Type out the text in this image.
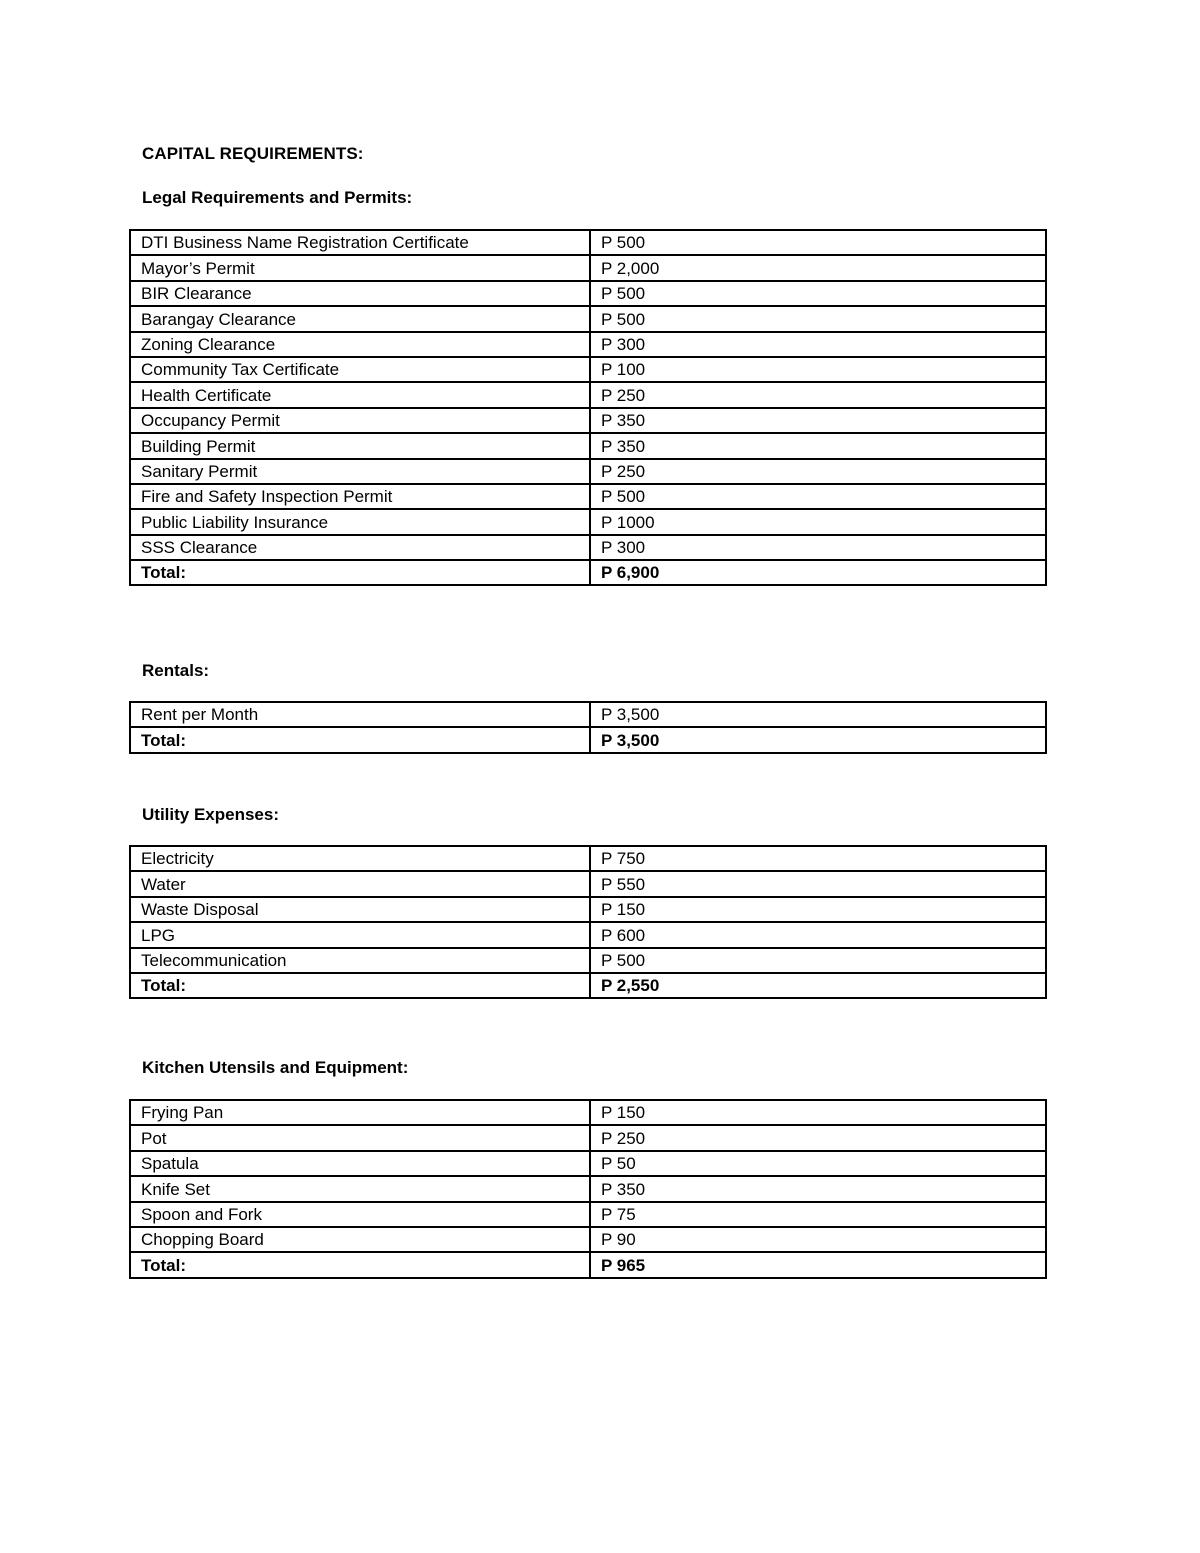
CAPITAL REQUIREMENTS:
Legal Requirements and Permits:
DTI Business Name Registration Certificate	P 500
Mayor’s Permit	P 2,000
BIR Clearance	P 500
Barangay Clearance	P 500
Zoning Clearance	P 300
Community Tax Certificate	P 100
Health Certificate	P 250
Occupancy Permit	P 350
Building Permit	P 350
Sanitary Permit	P 250
Fire and Safety Inspection Permit	P 500
Public Liability Insurance	P 1000
SSS Clearance	P 300
Total:	P 6,900
Rentals:
Rent per Month	P 3,500
Total:	P 3,500
Utility Expenses:
Electricity	P 750
Water	P 550
Waste Disposal	P 150
LPG	P 600
Telecommunication	P 500
Total:	P 2,550
Kitchen Utensils and Equipment:
Frying Pan	P 150
Pot	P 250
Spatula	P 50
Knife Set	P 350
Spoon and Fork	P 75
Chopping Board	P 90
Total:	P 965
